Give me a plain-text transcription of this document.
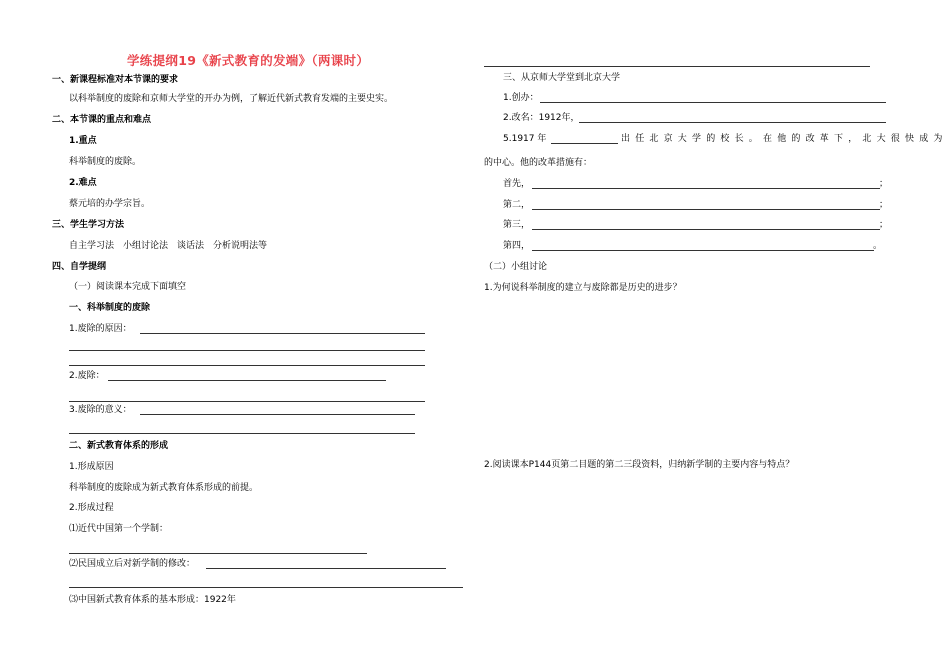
学练提纲19《新式教育的发端》（两课时）
一、新课程标准对本节课的要求
以科举制度的废除和京师大学堂的开办为例，了解近代新式教育发端的主要史实。
二、本节课的重点和难点
1.重点
科举制度的废除。
2.难点
蔡元培的办学宗旨。
三、学生学习方法
自主学习法　小组讨论法　谈话法　分析说明法等
四、自学提纲
（一）阅读课本完成下面填空
一、科举制度的废除
1.废除的原因：
2.废除：
3.废除的意义：
二、新式教育体系的形成
1.形成原因
科举制度的废除成为新式教育体系形成的前提。
2.形成过程
⑴近代中国第一个学制：
⑵民国成立后对新学制的修改：
⑶中国新式教育体系的基本形成：1922年
三、从京师大学堂到北京大学
1.创办：
2.改名：1912年，
5.1917 年	出任北京大学的校长。在他的改革下，北大很快成为
的中心。他的改革措施有：
首先，	；
第二，	；
第三，	；
第四，	。
（二）小组讨论
1.为何说科举制度的建立与废除都是历史的进步？
2.阅读课本P144页第二目题的第二三段资料，归纳新学制的主要内容与特点？
